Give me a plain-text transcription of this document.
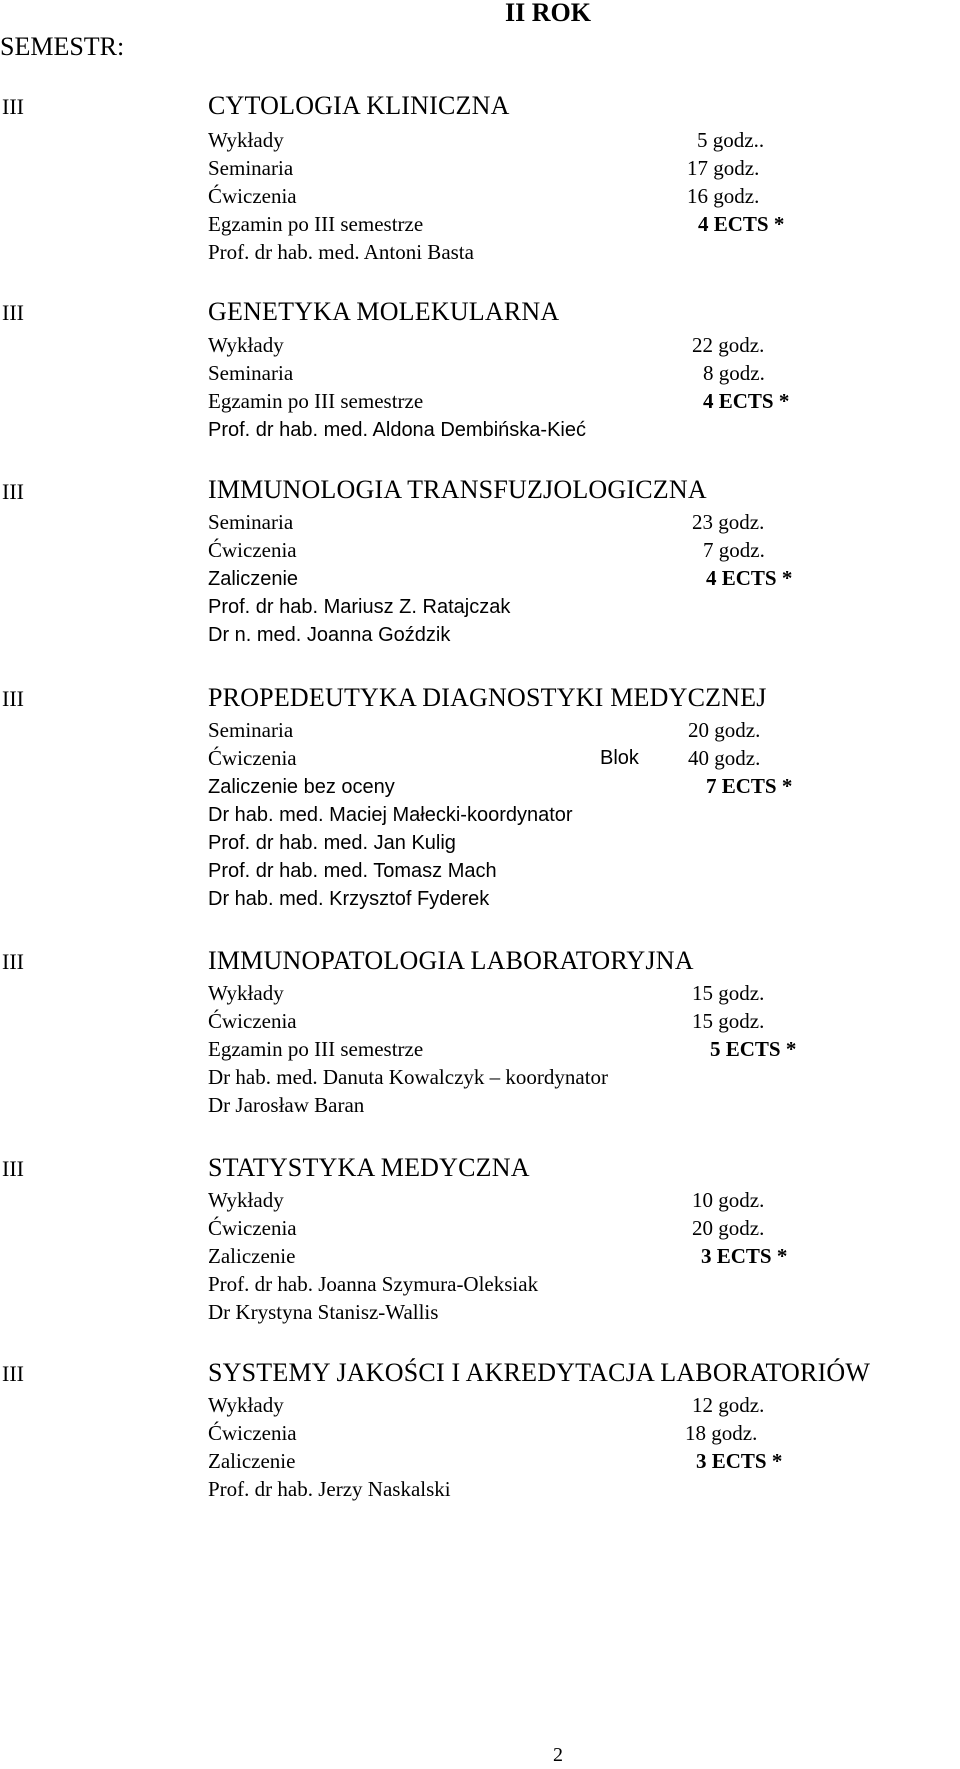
II ROK
SEMESTR:
III	CYTOLOGIA KLINICZNA
Wykłady	5 godz..
Seminaria	17 godz.
Ćwiczenia	16 godz.
Egzamin po III semestrze	4 ECTS *
Prof. dr hab. med. Antoni Basta
III	GENETYKA MOLEKULARNA
Wykłady	22 godz.
Seminaria	8 godz.
Egzamin po III semestrze	4 ECTS *
Prof. dr hab. med. Aldona Dembińska-Kieć
III	IMMUNOLOGIA TRANSFUZJOLOGICZNA
Seminaria	23 godz.
Ćwiczenia	7 godz.
Zaliczenie	4 ECTS *
Prof. dr hab. Mariusz Z. Ratajczak
Dr n. med. Joanna Goździk
III	PROPEDEUTYKA DIAGNOSTYKI MEDYCZNEJ
Seminaria	20 godz.
Ćwiczenia	Blok 40 godz.
Zaliczenie bez oceny	7 ECTS *
Dr hab. med. Maciej Małecki-koordynator
Prof. dr hab. med. Jan Kulig
Prof. dr hab. med. Tomasz Mach
Dr hab. med. Krzysztof Fyderek
III	IMMUNOPATOLOGIA LABORATORYJNA
Wykłady	15 godz.
Ćwiczenia	15 godz.
Egzamin po III semestrze	5 ECTS *
Dr hab. med. Danuta Kowalczyk – koordynator
Dr Jarosław Baran
III	STATYSTYKA MEDYCZNA
Wykłady	10 godz.
Ćwiczenia	20 godz.
Zaliczenie	3 ECTS *
Prof. dr hab. Joanna Szymura-Oleksiak
Dr Krystyna Stanisz-Wallis
III	SYSTEMY JAKOŚCI I AKREDYTACJA LABORATORIÓW
Wykłady	12 godz.
Ćwiczenia	18 godz.
Zaliczenie	3 ECTS *
Prof. dr hab. Jerzy Naskalski
2
